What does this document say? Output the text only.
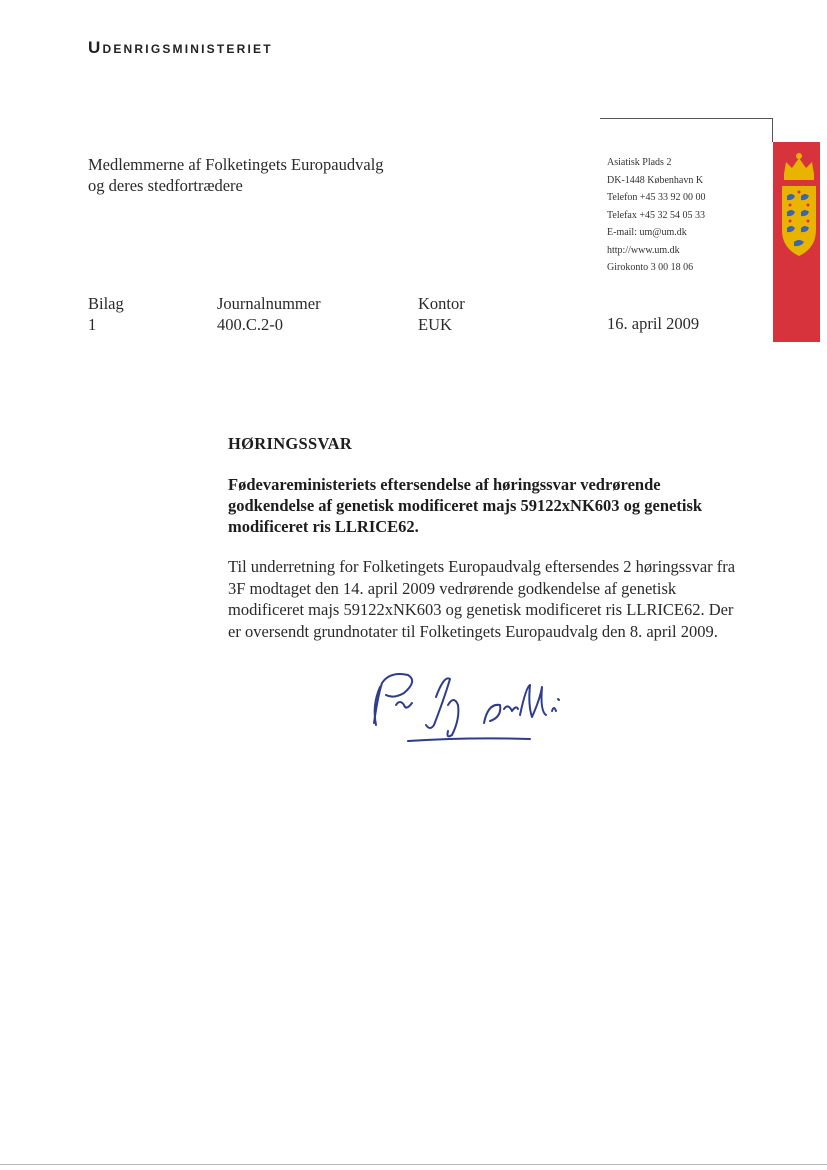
Udenrigsministeriet
Medlemmerne af Folketingets Europaudvalg
og deres stedfortrædere
Asiatisk Plads 2
DK-1448 København K
Telefon +45 33 92 00 00
Telefax +45 32 54 05 33
E-mail: um@um.dk
http://www.um.dk
Girokonto 3 00 18 06
Bilag
1
Journalnummer
400.C.2-0
Kontor
EUK	16. april 2009
HØRINGSSVAR
Fødevareministeriets eftersendelse af høringssvar vedrørende godkendelse af genetisk modificeret majs 59122xNK603 og genetisk modificeret ris LLRICE62.

Til underretning for Folketingets Europaudvalg eftersendes 2 høringssvar fra 3F modtaget den 14. april 2009 vedrørende godkendelse af genetisk modificeret majs 59122xNK603 og genetisk modificeret ris LLRICE62. Der er oversendt grundnotater til Folketingets Europaudvalg den 8. april 2009.
